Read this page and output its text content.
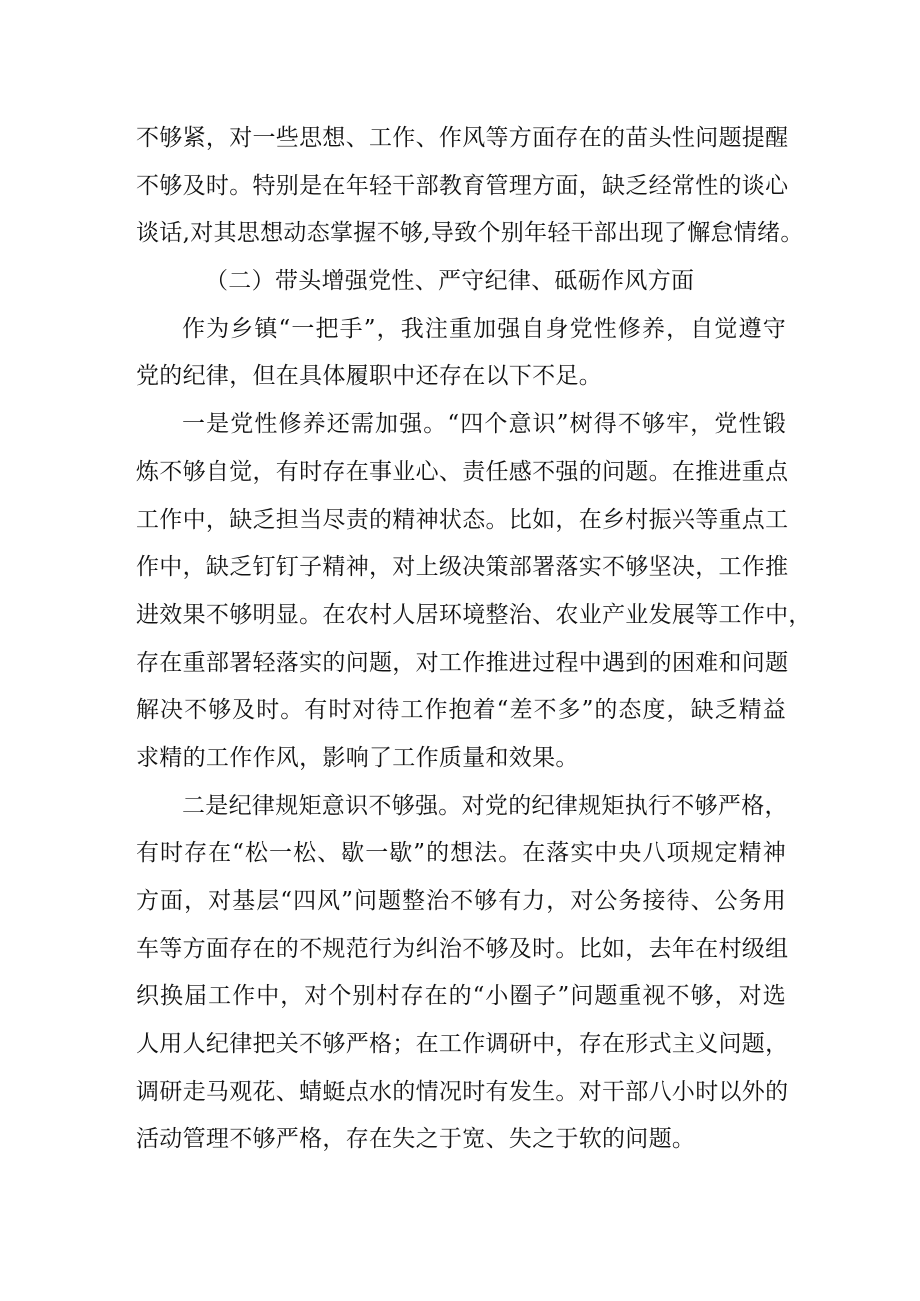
不够紧，对一些思想、工作、作风等方面存在的苗头性问题提醒
不够及时。特别是在年轻干部教育管理方面，缺乏经常性的谈心
谈话,对其思想动态掌握不够,导致个别年轻干部出现了懈怠情绪。
（二）带头增强党性、严守纪律、砥砺作风方面
作为乡镇“一把手”，我注重加强自身党性修养，自觉遵守
党的纪律，但在具体履职中还存在以下不足。
一是党性修养还需加强。“四个意识”树得不够牢，党性锻
炼不够自觉，有时存在事业心、责任感不强的问题。在推进重点
工作中，缺乏担当尽责的精神状态。比如，在乡村振兴等重点工
作中，缺乏钉钉子精神，对上级决策部署落实不够坚决，工作推
进效果不够明显。在农村人居环境整治、农业产业发展等工作中，
存在重部署轻落实的问题，对工作推进过程中遇到的困难和问题
解决不够及时。有时对待工作抱着“差不多”的态度，缺乏精益
求精的工作作风，影响了工作质量和效果。
二是纪律规矩意识不够强。对党的纪律规矩执行不够严格，
有时存在“松一松、歇一歇”的想法。在落实中央八项规定精神
方面，对基层“四风”问题整治不够有力，对公务接待、公务用
车等方面存在的不规范行为纠治不够及时。比如，去年在村级组
织换届工作中，对个别村存在的“小圈子”问题重视不够，对选
人用人纪律把关不够严格；在工作调研中，存在形式主义问题，
调研走马观花、蜻蜓点水的情况时有发生。对干部八小时以外的
活动管理不够严格，存在失之于宽、失之于软的问题。
